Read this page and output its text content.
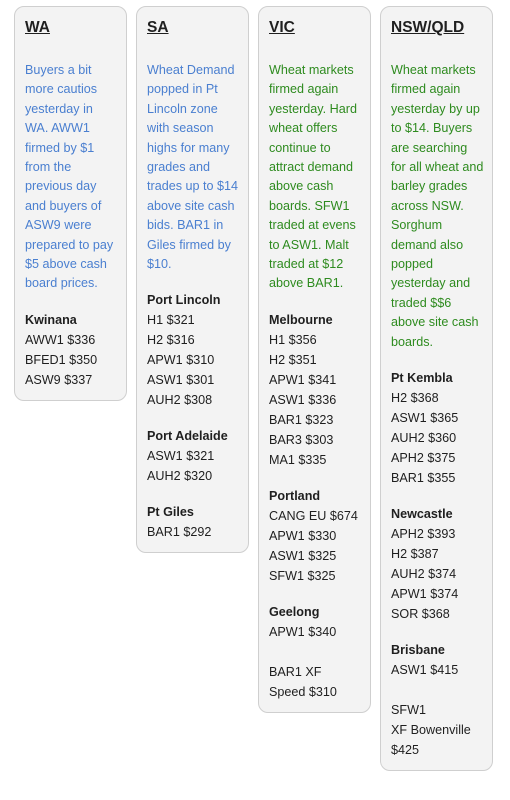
WA

Buyers a bit more cautios yesterday in WA. AWW1 firmed by $1 from the previous day and buyers of ASW9 were prepared to pay $5 above cash board prices.

Kwinana
AWW1 $336
BFED1 $350
ASW9 $337
SA

Wheat Demand popped in Pt Lincoln zone with season highs for many grades and trades up to $14 above site cash bids. BAR1 in Giles firmed by $10.

Port Lincoln
H1 $321
H2 $316
APW1 $310
ASW1 $301
AUH2 $308
Port Adelaide
ASW1 $321
AUH2 $320
Pt Giles
BAR1 $292
VIC

Wheat markets firmed again yesterday. Hard wheat offers continue to attract demand above cash boards. SFW1 traded at evens to ASW1. Malt traded at $12 above BAR1.

Melbourne
H1 $356
H2 $351
APW1 $341
ASW1 $336
BAR1 $323
BAR3 $303
MA1 $335
Portland
CANG EU $674
APW1 $330
ASW1 $325
SFW1 $325
Geelong
APW1 $340
BAR1 XF
Speed $310
NSW/QLD

Wheat markets firmed again yesterday by up to $14. Buyers are searching for all wheat and barley grades across NSW. Sorghum demand also popped yesterday and traded $$6 above site cash boards.

Pt Kembla
H2 $368
ASW1 $365
AUH2 $360
APH2 $375
BAR1 $355
Newcastle
APH2 $393
H2 $387
AUH2 $374
APW1 $374
SOR $368
Brisbane
ASW1 $415
SFW1
XF Bowenville
$425
